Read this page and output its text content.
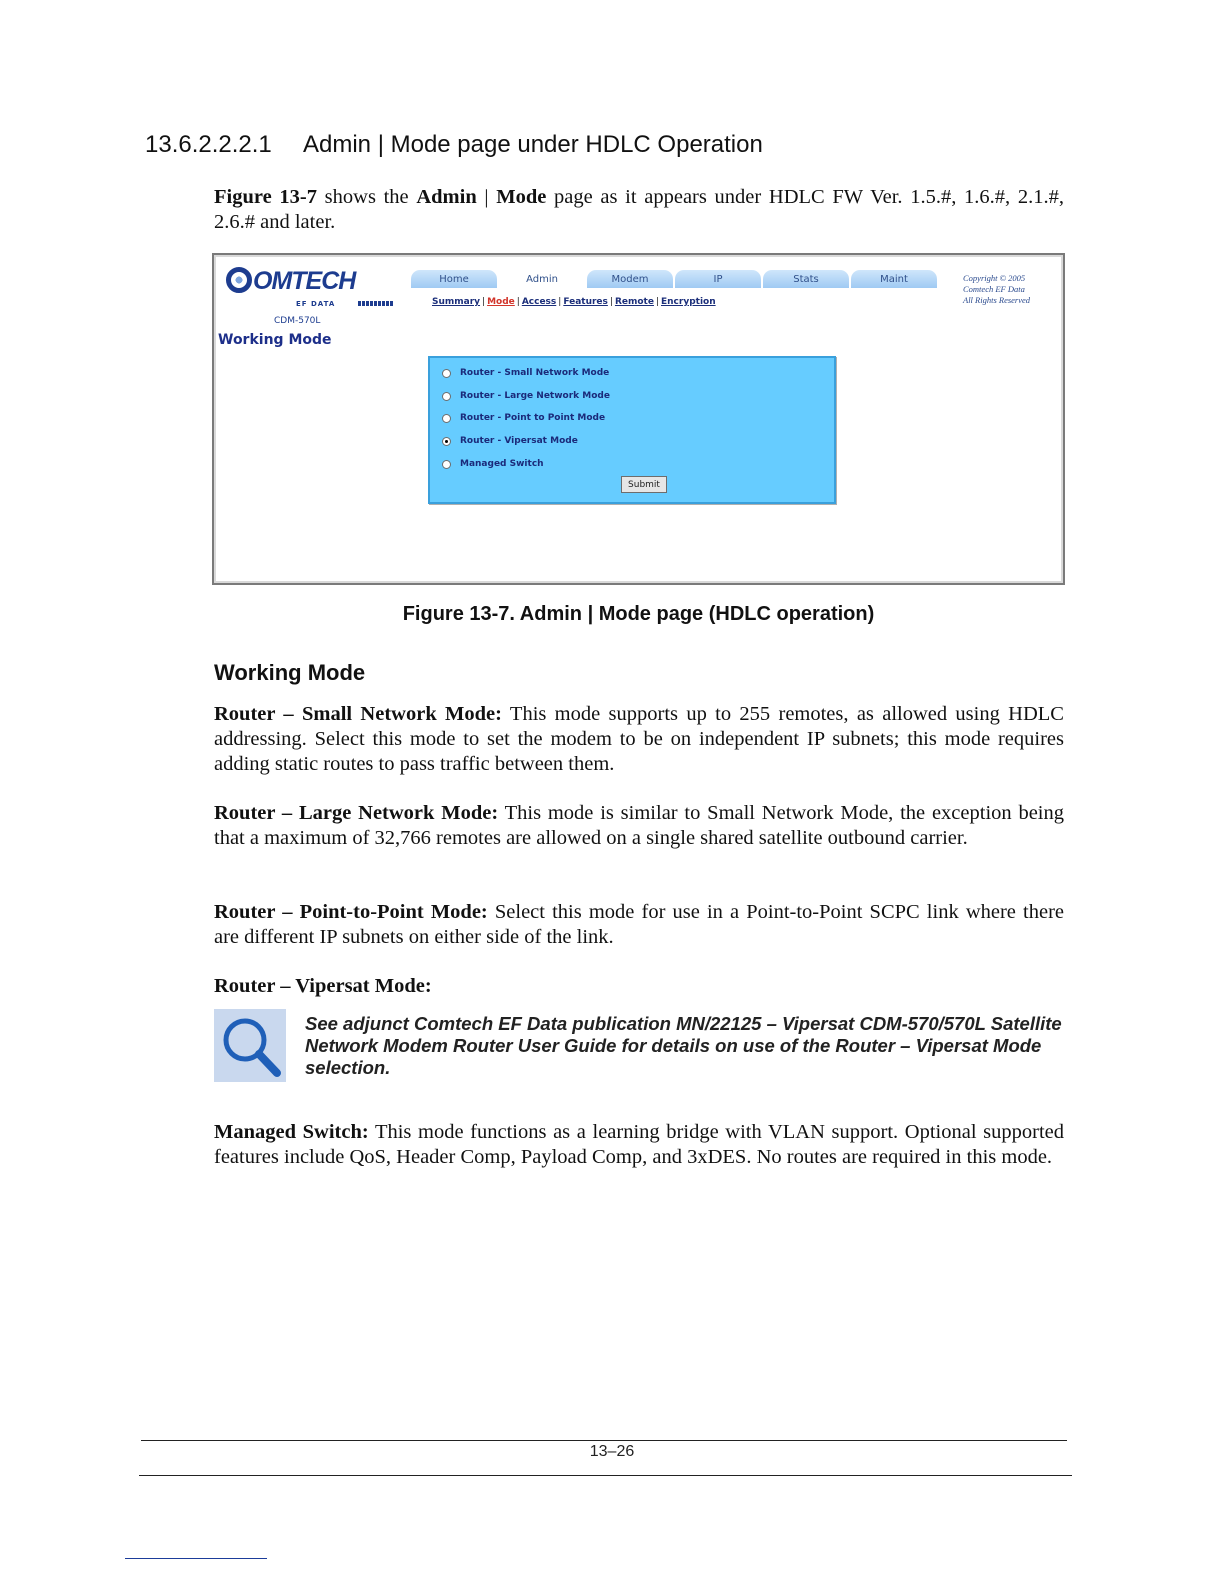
13.6.2.2.2.1 Admin | Mode page under HDLC Operation

Figure 13-7 shows the Admin | Mode page as it appears under HDLC FW Ver. 1.5.#, 1.6.#, 2.1.#, 2.6.# and later.

OMTECH
EF DATA
CDM-570L
Home	Admin	Modem	IP	Stats	Maint
Summary | Mode | Access | Features | Remote | Encryption
Copyright © 2005
Comtech EF Data
All Rights Reserved
Working Mode
Router - Small Network Mode
Router - Large Network Mode
Router - Point to Point Mode
Router - Vipersat Mode
Managed Switch
Submit

Figure 13-7. Admin | Mode page (HDLC operation)

Working Mode

Router – Small Network Mode: This mode supports up to 255 remotes, as allowed using HDLC addressing. Select this mode to set the modem to be on independent IP subnets; this mode requires adding static routes to pass traffic between them.

Router – Large Network Mode: This mode is similar to Small Network Mode, the exception being that a maximum of 32,766 remotes are allowed on a single shared satellite outbound carrier.

Router – Point-to-Point Mode: Select this mode for use in a Point-to-Point SCPC link where there are different IP subnets on either side of the link.

Router – Vipersat Mode:

See adjunct Comtech EF Data publication MN/22125 – Vipersat CDM-570/570L Satellite Network Modem Router User Guide for details on use of the Router – Vipersat Mode selection.

Managed Switch: This mode functions as a learning bridge with VLAN support. Optional supported features include QoS, Header Comp, Payload Comp, and 3xDES. No routes are required in this mode.

13–26
